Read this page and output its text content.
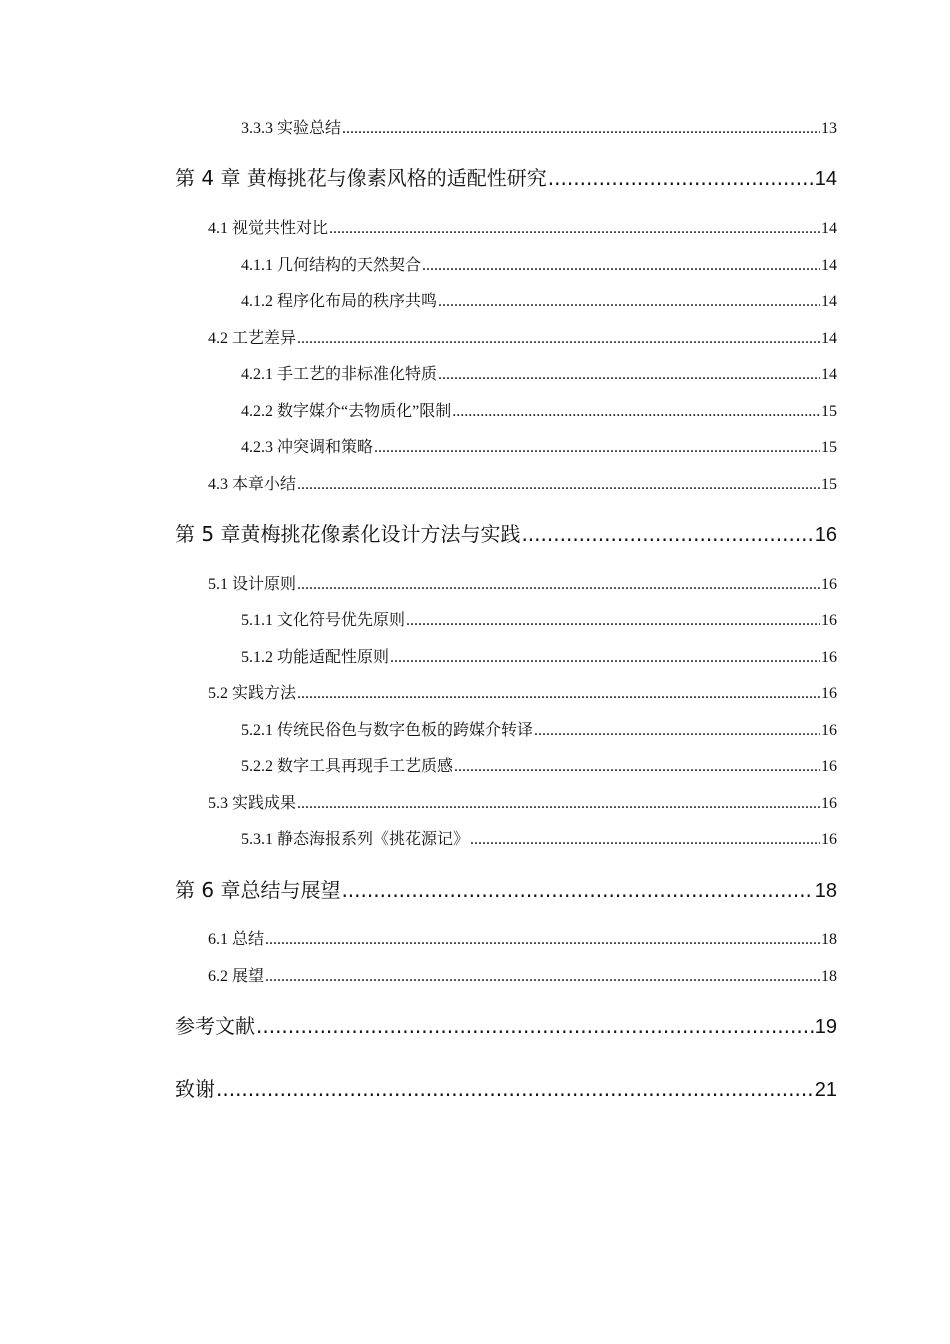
3.3.3 实验总结 .....	13
第 4 章 黄梅挑花与像素风格的适配性研究 .....	14
4.1 视觉共性对比 .....	14
4.1.1 几何结构的天然契合 .....	14
4.1.2 程序化布局的秩序共鸣 .....	14
4.2 工艺差异 .....	14
4.2.1 手工艺的非标准化特质 .....	14
4.2.2 数字媒介“去物质化”限制 .....	15
4.2.3 冲突调和策略 .....	15
4.3 本章小结 .....	15
第 5 章黄梅挑花像素化设计方法与实践 .....	16
5.1 设计原则 .....	16
5.1.1 文化符号优先原则 .....	16
5.1.2 功能适配性原则 .....	16
5.2 实践方法 .....	16
5.2.1 传统民俗色与数字色板的跨媒介转译 .....	16
5.2.2 数字工具再现手工艺质感 .....	16
5.3 实践成果 .....	16
5.3.1 静态海报系列《挑花源记》 .....	16
第 6 章总结与展望 .....	18
6.1 总结 .....	18
6.2 展望 .....	18
参考文献 .....	19
致谢 .....	21
